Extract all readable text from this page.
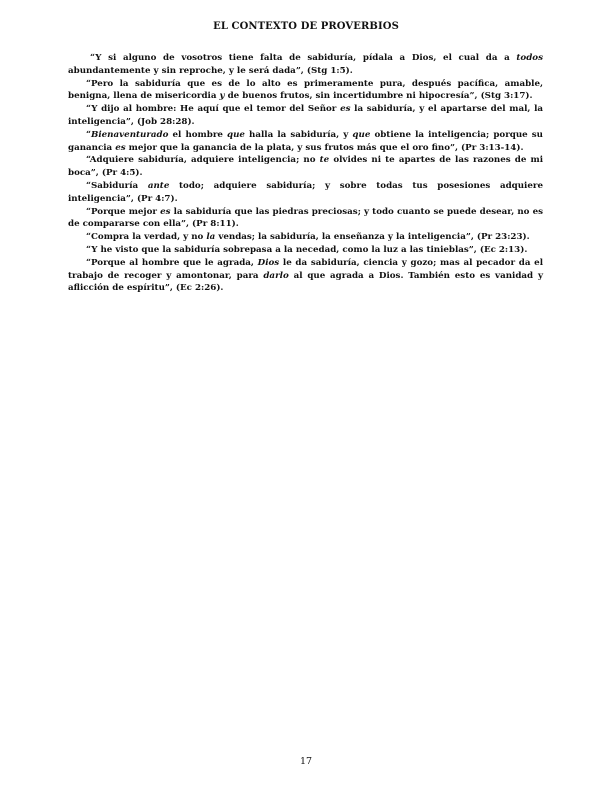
EL CONTEXTO DE PROVERBIOS

“Y si alguno de vosotros tiene falta de sabiduría, pídala a Dios, el cual da a todos abundantemente y sin reproche, y le será dada”, (Stg 1:5).

“Pero la sabiduría que es de lo alto es primeramente pura, después pacífica, amable, benigna, llena de misericordia y de buenos frutos, sin incertidumbre ni hipocresía”, (Stg 3:17).

“Y dijo al hombre: He aquí que el temor del Señor es la sabiduría, y el apartarse del mal, la inteligencia”, (Job 28:28).

“Bienaventurado el hombre que halla la sabiduría, y que obtiene la inteligencia; porque su ganancia es mejor que la ganancia de la plata, y sus frutos más que el oro fino”, (Pr 3:13-14).

“Adquiere sabiduría, adquiere inteligencia; no te olvides ni te apartes de las razones de mi boca”, (Pr 4:5).

“Sabiduría ante todo; adquiere sabiduría; y sobre todas tus posesiones adquiere inteligencia”, (Pr 4:7).

“Porque mejor es la sabiduría que las piedras preciosas; y todo cuanto se puede desear, no es de compararse con ella”, (Pr 8:11).

“Compra la verdad, y no la vendas; la sabiduría, la enseñanza y la inteligencia”, (Pr 23:23).

“Y he visto que la sabiduría sobrepasa a la necedad, como la luz a las tinieblas”, (Ec 2:13).

“Porque al hombre que le agrada, Dios le da sabiduría, ciencia y gozo; mas al pecador da el trabajo de recoger y amontonar, para darlo al que agrada a Dios. También esto es vanidad y aflicción de espíritu”, (Ec 2:26).

17
